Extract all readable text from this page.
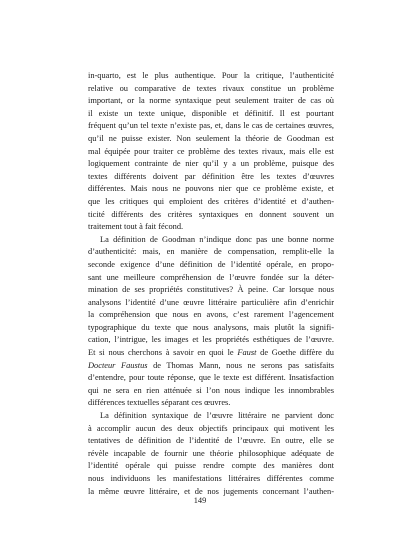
in-quarto, est le plus authentique. Pour la critique, l’authenticité
relative ou comparative de textes rivaux constitue un problème
important, or la norme syntaxique peut seulement traiter de cas où
il existe un texte unique, disponible et définitif. Il est pourtant
fréquent qu’un tel texte n’existe pas, et, dans le cas de certaines œuvres,
qu’il ne puisse exister. Non seulement la théorie de Goodman est
mal équipée pour traiter ce problème des textes rivaux, mais elle est
logiquement contrainte de nier qu’il y a un problème, puisque des
textes différents doivent par définition être les textes d’œuvres
différentes. Mais nous ne pouvons nier que ce problème existe, et
que les critiques qui emploient des critères d’identité et d’authen-
ticité différents des critères syntaxiques en donnent souvent un
traitement tout à fait fécond.
La définition de Goodman n’indique donc pas une bonne norme
d’authenticité: mais, en manière de compensation, remplit-elle la
seconde exigence d’une définition de l’identité opérale, en propo-
sant une meilleure compréhension de l’œuvre fondée sur la déter-
mination de ses propriétés constitutives? À peine. Car lorsque nous
analysons l’identité d’une œuvre littéraire particulière afin d’enrichir
la compréhension que nous en avons, c’est rarement l’agencement
typographique du texte que nous analysons, mais plutôt la signifi-
cation, l’intrigue, les images et les propriétés esthétiques de l’œuvre.
Et si nous cherchons à savoir en quoi le Faust de Goethe diffère du
Docteur Faustus de Thomas Mann, nous ne serons pas satisfaits
d’entendre, pour toute réponse, que le texte est différent. Insatisfaction
qui ne sera en rien atténuée si l’on nous indique les innombrables
différences textuelles séparant ces œuvres.
La définition syntaxique de l’œuvre littéraire ne parvient donc
à accomplir aucun des deux objectifs principaux qui motivent les
tentatives de définition de l’identité de l’œuvre. En outre, elle se
révèle incapable de fournir une théorie philosophique adéquate de
l’identité opérale qui puisse rendre compte des manières dont
nous individuons les manifestations littéraires différentes comme
la même œuvre littéraire, et de nos jugements concernant l’authen-
149
